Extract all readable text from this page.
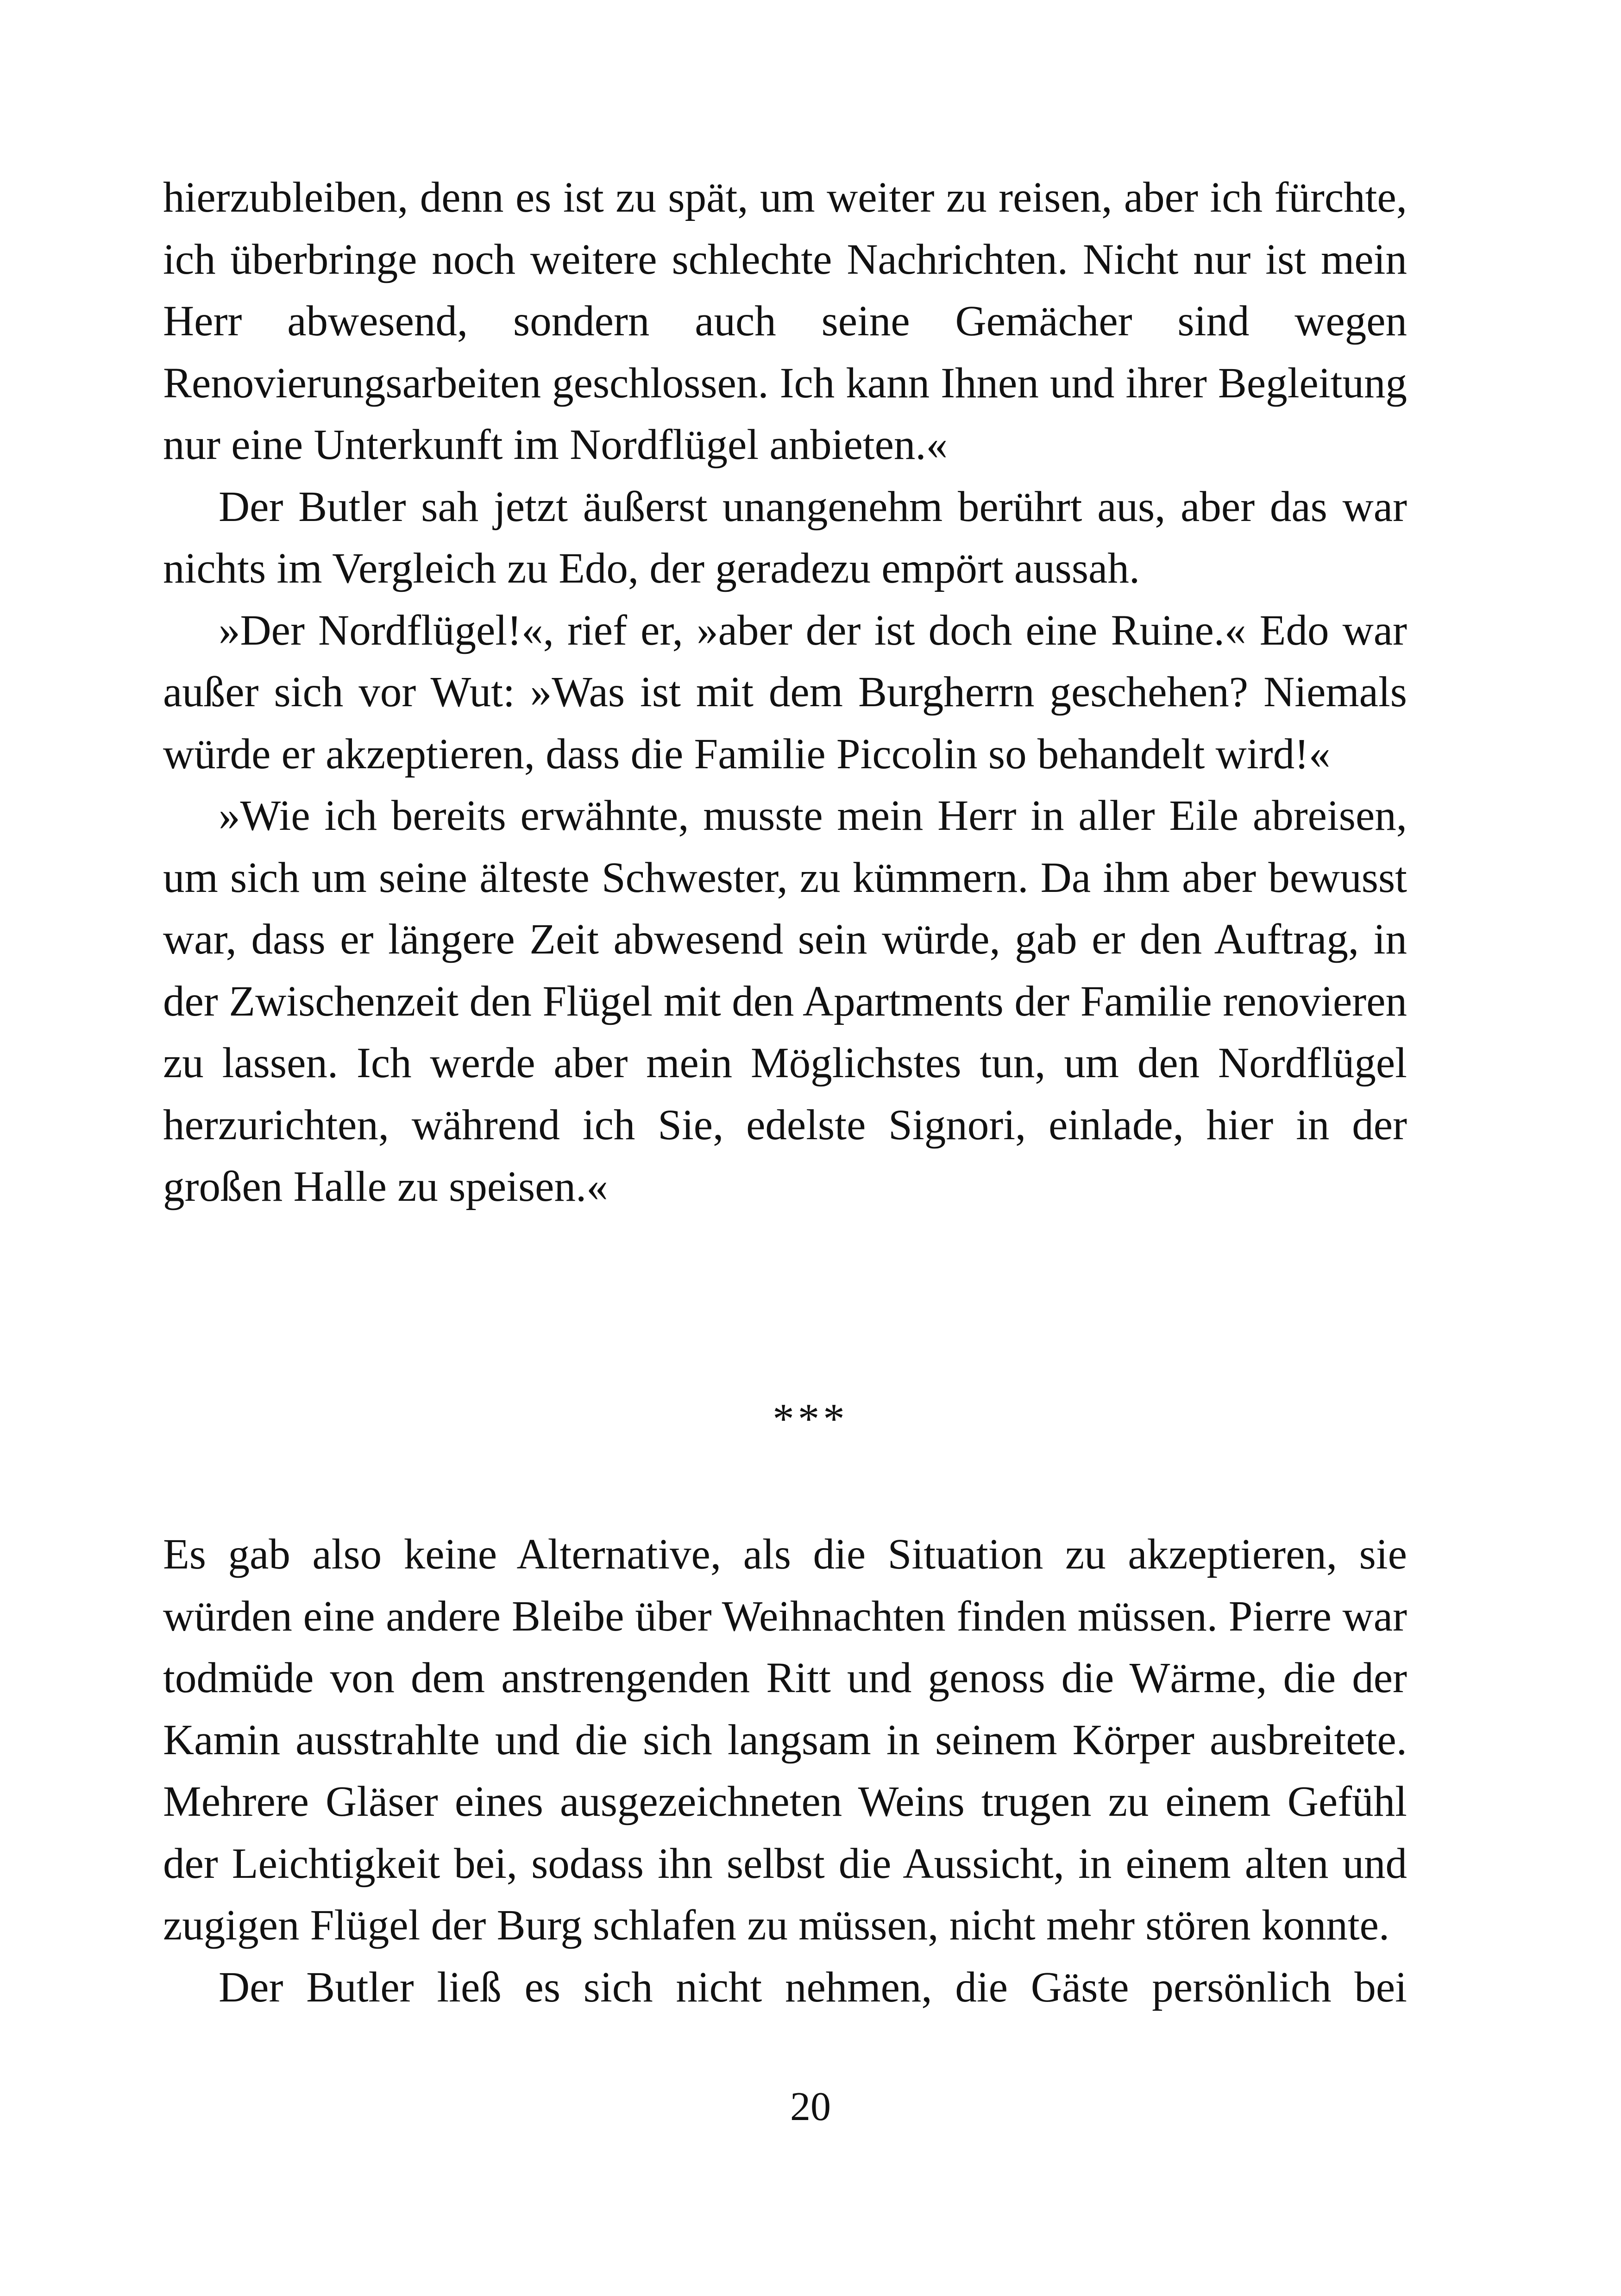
hierzubleiben, denn es ist zu spät, um weiter zu reisen, aber ich fürchte, ich überbringe noch weitere schlechte Nachrichten. Nicht nur ist mein Herr abwesend, sondern auch seine Gemächer sind wegen Renovierungsarbeiten geschlossen. Ich kann Ihnen und ihrer Begleitung nur eine Unterkunft im Nordflügel anbieten.«

Der Butler sah jetzt äußerst unangenehm berührt aus, aber das war nichts im Vergleich zu Edo, der geradezu empört aussah.

»Der Nordflügel!«, rief er, »aber der ist doch eine Ruine.« Edo war außer sich vor Wut: »Was ist mit dem Burgherrn geschehen? Niemals würde er akzeptieren, dass die Familie Piccolin so behandelt wird!«

»Wie ich bereits erwähnte, musste mein Herr in aller Eile abreisen, um sich um seine älteste Schwester, zu kümmern. Da ihm aber bewusst war, dass er längere Zeit abwesend sein würde, gab er den Auftrag, in der Zwischenzeit den Flügel mit den Apartments der Familie renovieren zu lassen. Ich werde aber mein Möglichstes tun, um den Nordflügel herzurichten, während ich Sie, edelste Signori, einlade, hier in der großen Halle zu speisen.«

***

Es gab also keine Alternative, als die Situation zu akzeptieren, sie würden eine andere Bleibe über Weihnachten finden müssen. Pierre war todmüde von dem anstrengenden Ritt und genoss die Wärme, die der Kamin ausstrahlte und die sich langsam in seinem Körper ausbreitete. Mehrere Gläser eines ausgezeichneten Weins trugen zu einem Gefühl der Leichtigkeit bei, sodass ihn selbst die Aussicht, in einem alten und zugigen Flügel der Burg schlafen zu müssen, nicht mehr stören konnte.

Der Butler ließ es sich nicht nehmen, die Gäste persönlich bei

20
